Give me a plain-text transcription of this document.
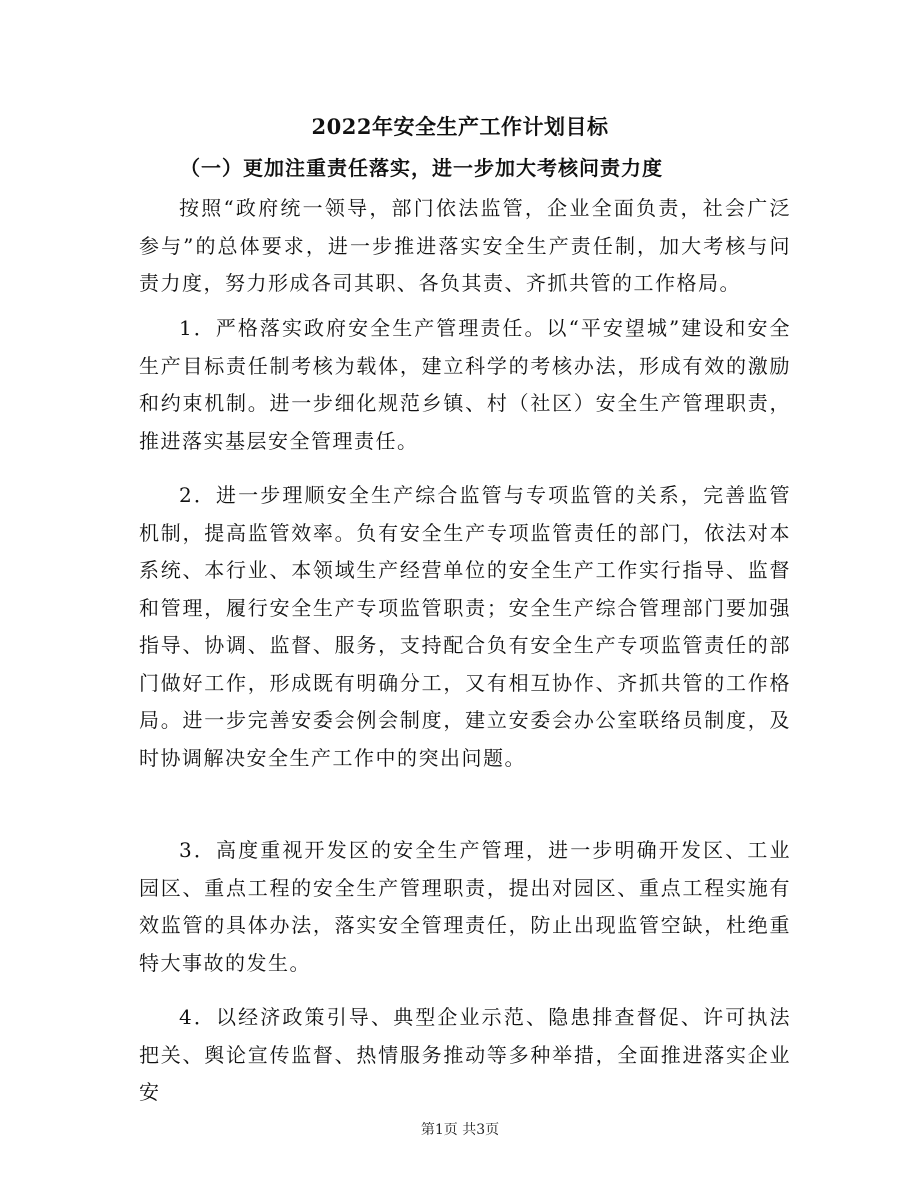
2022年安全生产工作计划目标
（一）更加注重责任落实，进一步加大考核问责力度

按照“政府统一领导，部门依法监管，企业全面负责，社会广泛参与”的总体要求，进一步推进落实安全生产责任制，加大考核与问责力度，努力形成各司其职、各负其责、齐抓共管的工作格局。

1．严格落实政府安全生产管理责任。以“平安望城”建设和安全生产目标责任制考核为载体，建立科学的考核办法，形成有效的激励和约束机制。进一步细化规范乡镇、村（社区）安全生产管理职责，推进落实基层安全管理责任。

2．进一步理顺安全生产综合监管与专项监管的关系，完善监管机制，提高监管效率。负有安全生产专项监管责任的部门，依法对本系统、本行业、本领域生产经营单位的安全生产工作实行指导、监督和管理，履行安全生产专项监管职责；安全生产综合管理部门要加强指导、协调、监督、服务，支持配合负有安全生产专项监管责任的部门做好工作，形成既有明确分工，又有相互协作、齐抓共管的工作格局。进一步完善安委会例会制度，建立安委会办公室联络员制度，及时协调解决安全生产工作中的突出问题。

3．高度重视开发区的安全生产管理，进一步明确开发区、工业园区、重点工程的安全生产管理职责，提出对园区、重点工程实施有效监管的具体办法，落实安全管理责任，防止出现监管空缺，杜绝重特大事故的发生。

4．以经济政策引导、典型企业示范、隐患排查督促、许可执法把关、舆论宣传监督、热情服务推动等多种举措，全面推进落实企业安

第1页 共3页
